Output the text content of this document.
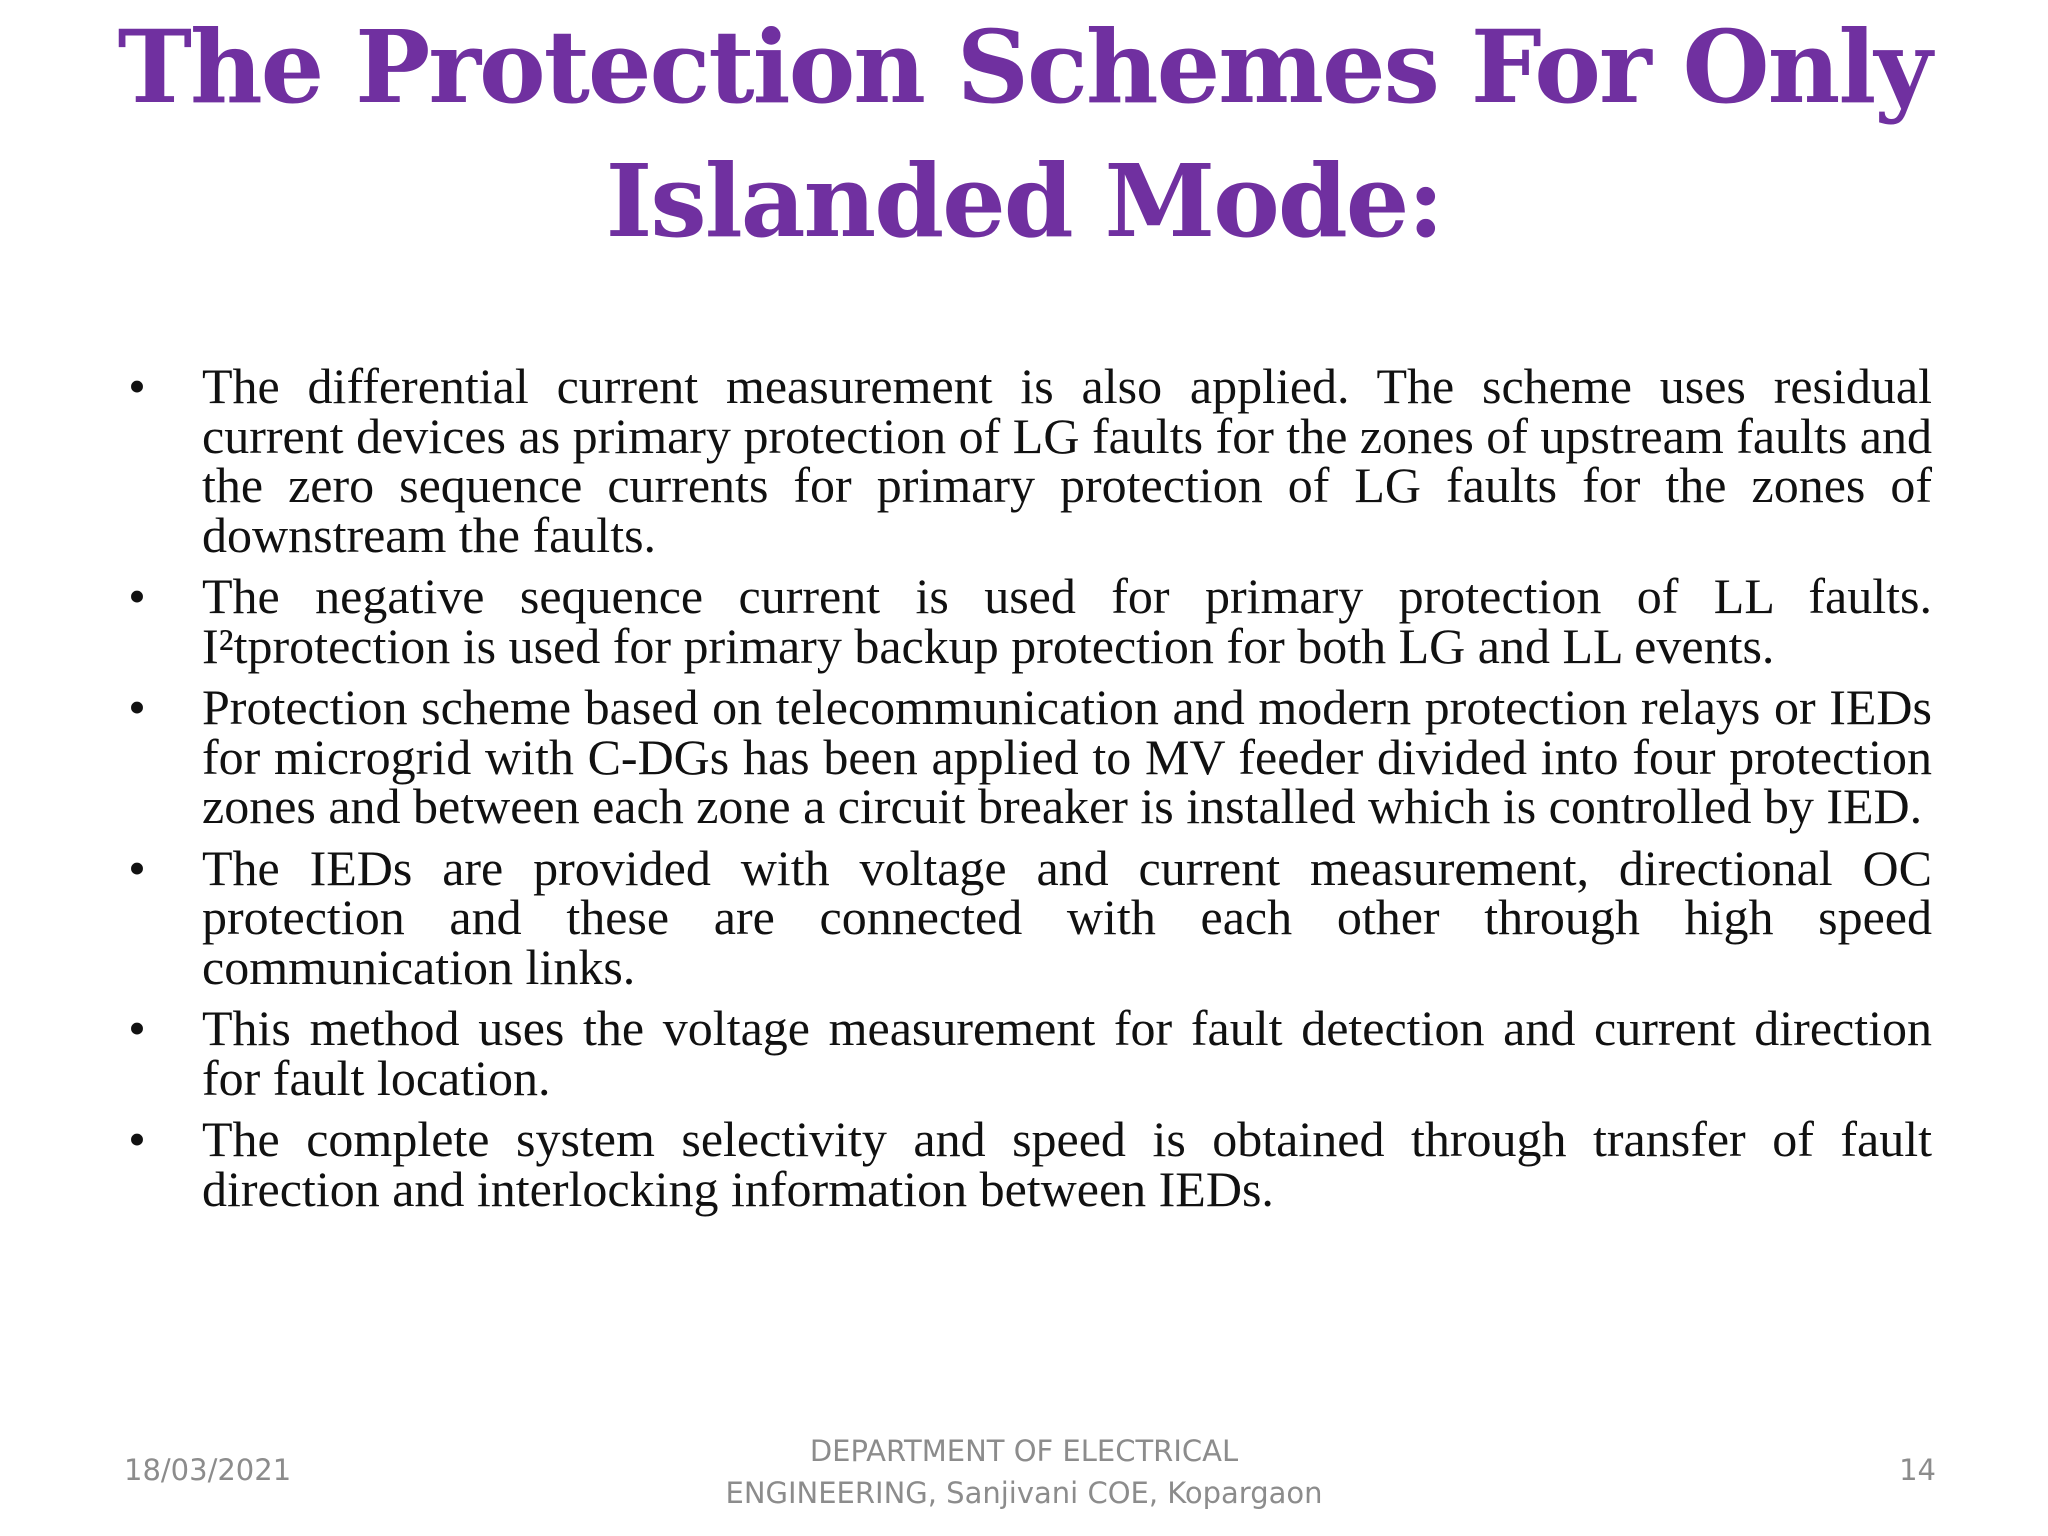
The Protection Schemes For Only
Islanded Mode:
• The differential current measurement is also applied. The scheme uses residual current devices as primary protection of LG faults for the zones of upstream faults and the zero sequence currents for primary protection of LG faults for the zones of downstream the faults.
• The negative sequence current is used for primary protection of LL faults. I²tprotection is used for primary backup protection for both LG and LL events.
• Protection scheme based on telecommunication and modern protection relays or IEDs for microgrid with C-DGs has been applied to MV feeder divided into four protection zones and between each zone a circuit breaker is installed which is controlled by IED.
• The IEDs are provided with voltage and current measurement, directional OC protection and these are connected with each other through high speed communication links.
• This method uses the voltage measurement for fault detection and current direction for fault location.
• The complete system selectivity and speed is obtained through transfer of fault direction and interlocking information between IEDs.
18/03/2021
DEPARTMENT OF ELECTRICAL
ENGINEERING, Sanjivani COE, Kopargaon
14
